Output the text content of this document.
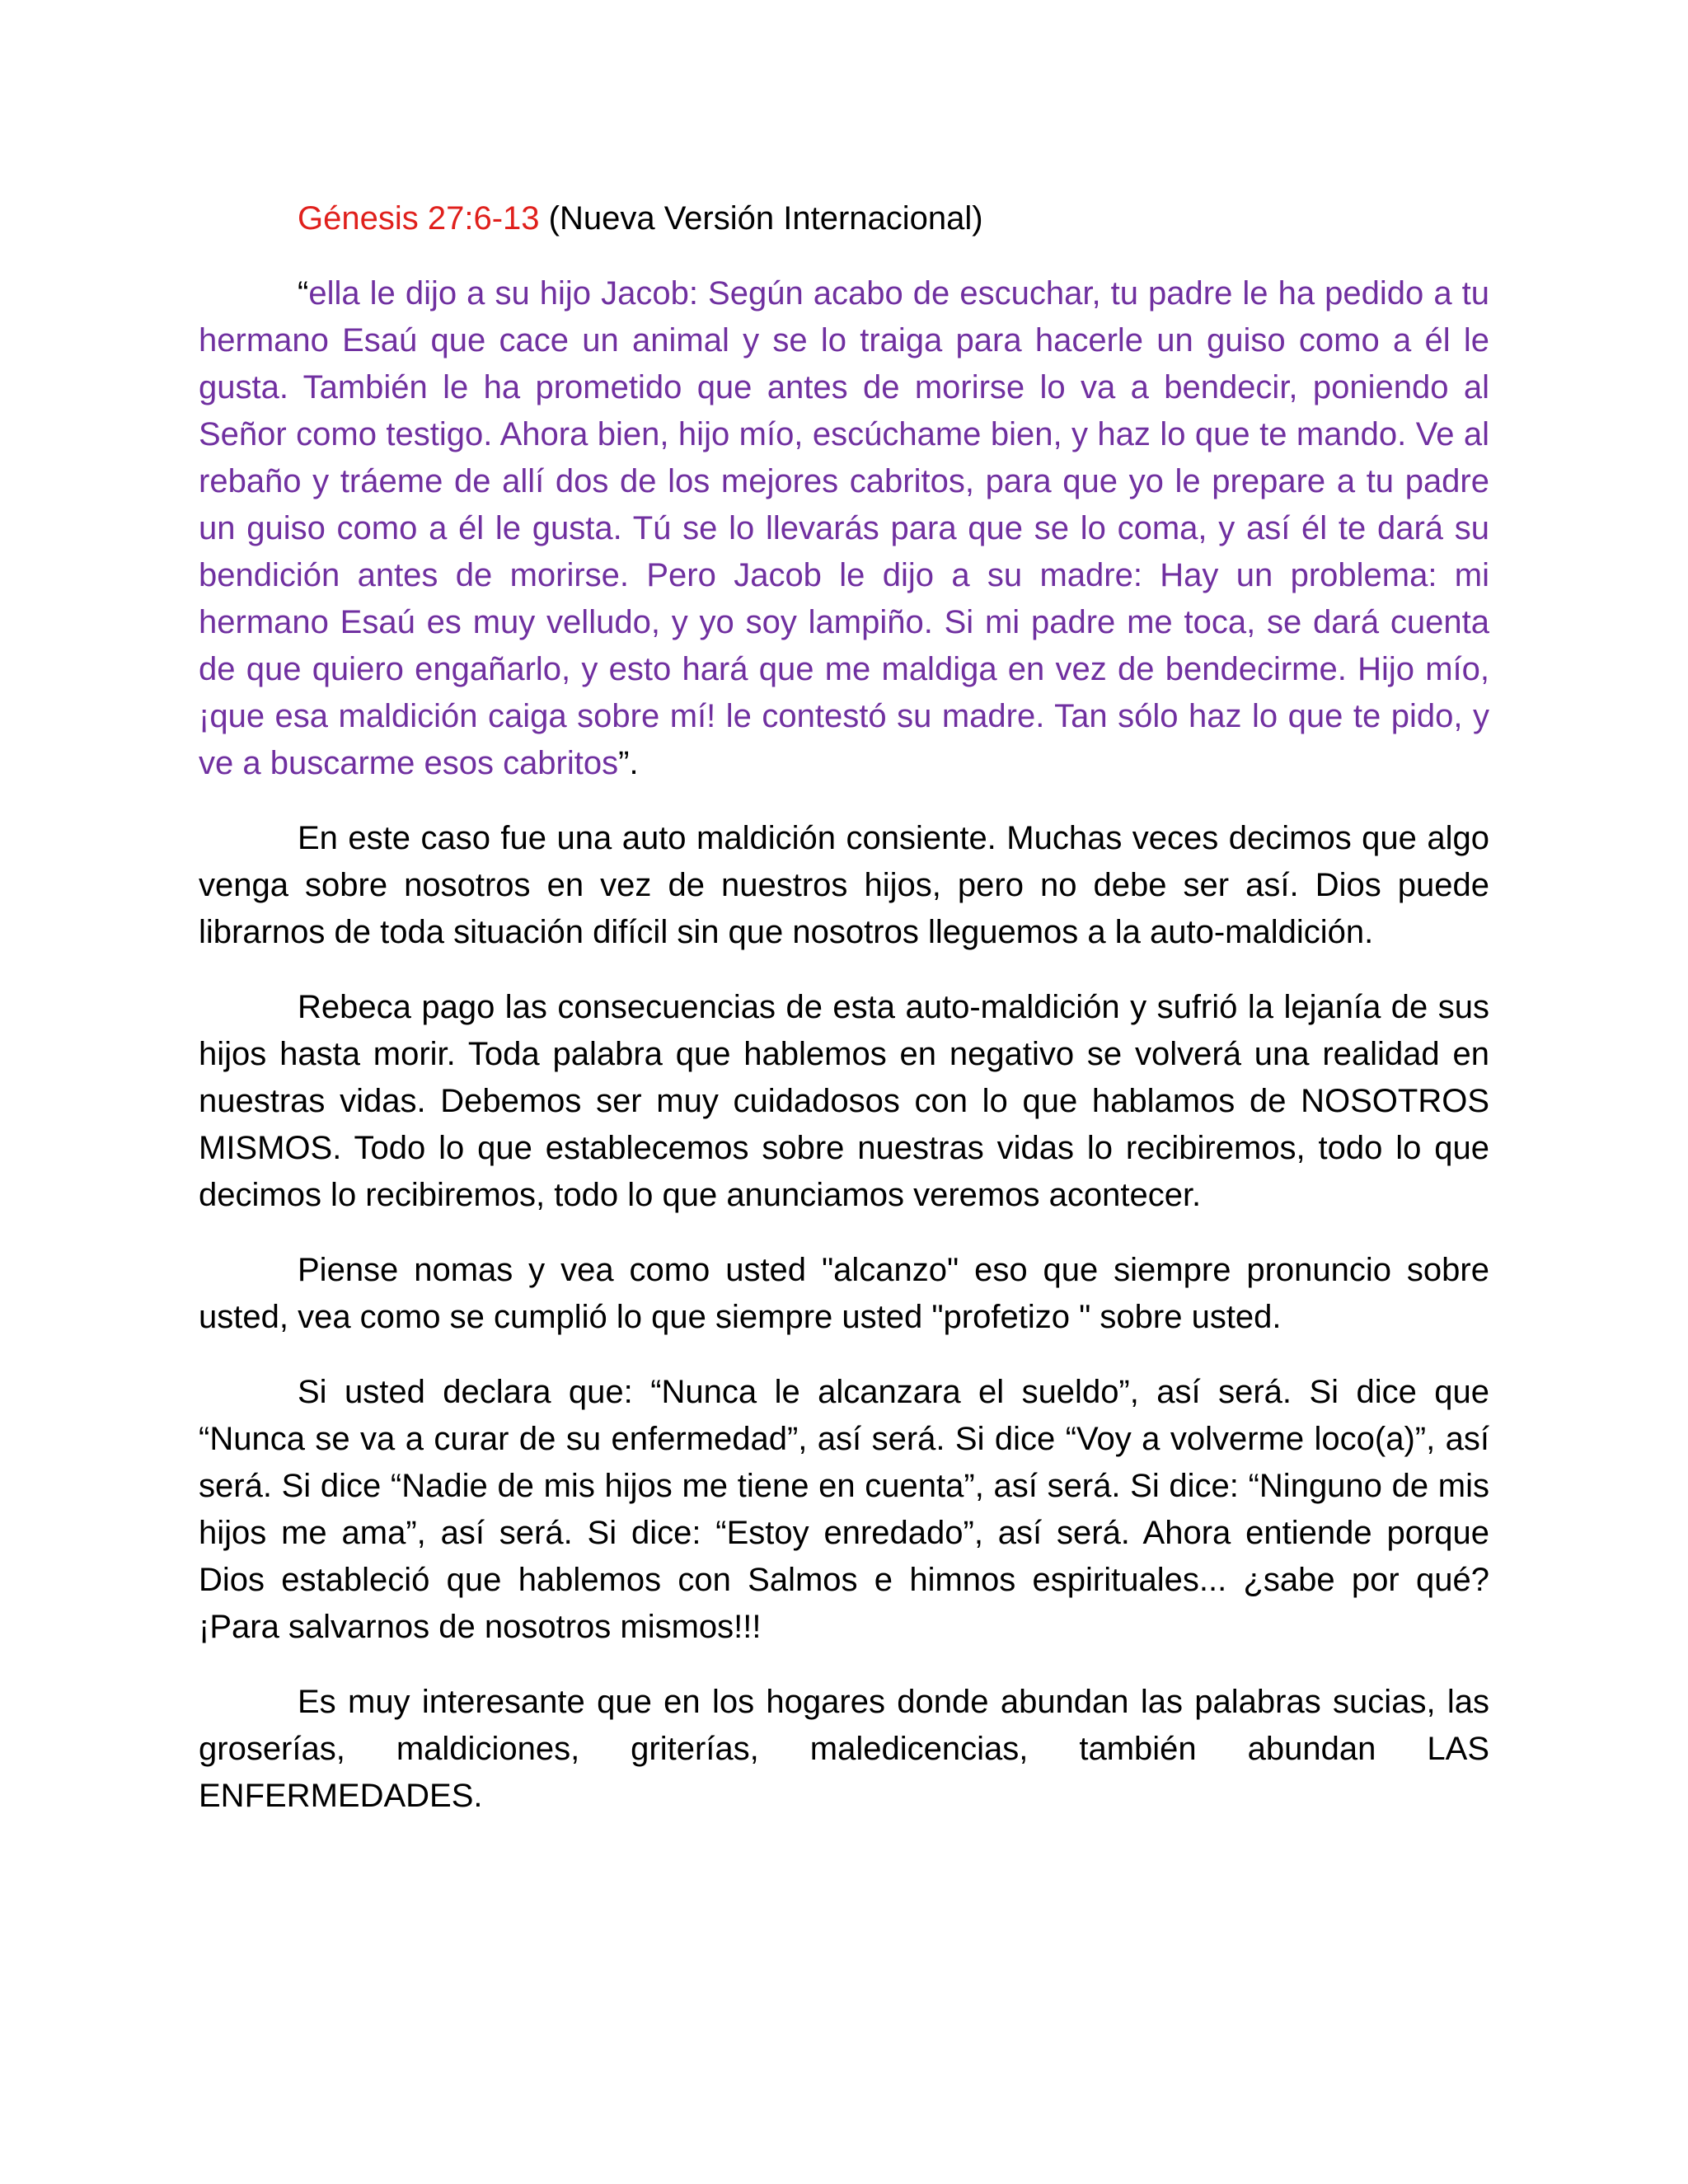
Génesis 27:6-13 (Nueva Versión Internacional)

“ella le dijo a su hijo Jacob: Según acabo de escuchar, tu padre le ha pedido a tu hermano Esaú que cace un animal y se lo traiga para hacerle un guiso como a él le gusta. También le ha prometido que antes de morirse lo va a bendecir, poniendo al Señor como testigo. Ahora bien, hijo mío, escúchame bien, y haz lo que te mando. Ve al rebaño y tráeme de allí dos de los mejores cabritos, para que yo le prepare a tu padre un guiso como a él le gusta. Tú se lo llevarás para que se lo coma, y así él te dará su bendición antes de morirse. Pero Jacob le dijo a su madre: Hay un problema: mi hermano Esaú es muy velludo, y yo soy lampiño. Si mi padre me toca, se dará cuenta de que quiero engañarlo, y esto hará que me maldiga en vez de bendecirme. Hijo mío, ¡que esa maldición caiga sobre mí! le contestó su madre. Tan sólo haz lo que te pido, y ve a buscarme esos cabritos”.

En este caso fue una auto maldición consiente. Muchas veces decimos que algo venga sobre nosotros en vez de nuestros hijos, pero no debe ser así. Dios puede librarnos de toda situación difícil sin que nosotros lleguemos a la auto-maldición.

Rebeca pago las consecuencias de esta auto-maldición y sufrió la lejanía de sus hijos hasta morir. Toda palabra que hablemos en negativo se volverá una realidad en nuestras vidas. Debemos ser muy cuidadosos con lo que hablamos de NOSOTROS MISMOS. Todo lo que establecemos sobre nuestras vidas lo recibiremos, todo lo que decimos lo recibiremos, todo lo que anunciamos veremos acontecer.

Piense nomas y vea como usted "alcanzo" eso que siempre pronuncio sobre usted, vea como se cumplió lo que siempre usted "profetizo " sobre usted.

Si usted declara que: “Nunca le alcanzara el sueldo”, así será. Si dice que “Nunca se va a curar de su enfermedad”, así será. Si dice “Voy a volverme loco(a)”, así será. Si dice “Nadie de mis hijos me tiene en cuenta”, así será. Si dice: “Ninguno de mis hijos me ama”, así será. Si dice: “Estoy enredado”, así será. Ahora entiende porque Dios estableció que hablemos con Salmos e himnos espirituales... ¿sabe por qué? ¡Para salvarnos de nosotros mismos!!!

Es muy interesante que en los hogares donde abundan las palabras sucias, las groserías, maldiciones, griterías, maledicencias, también abundan LAS ENFERMEDADES.
